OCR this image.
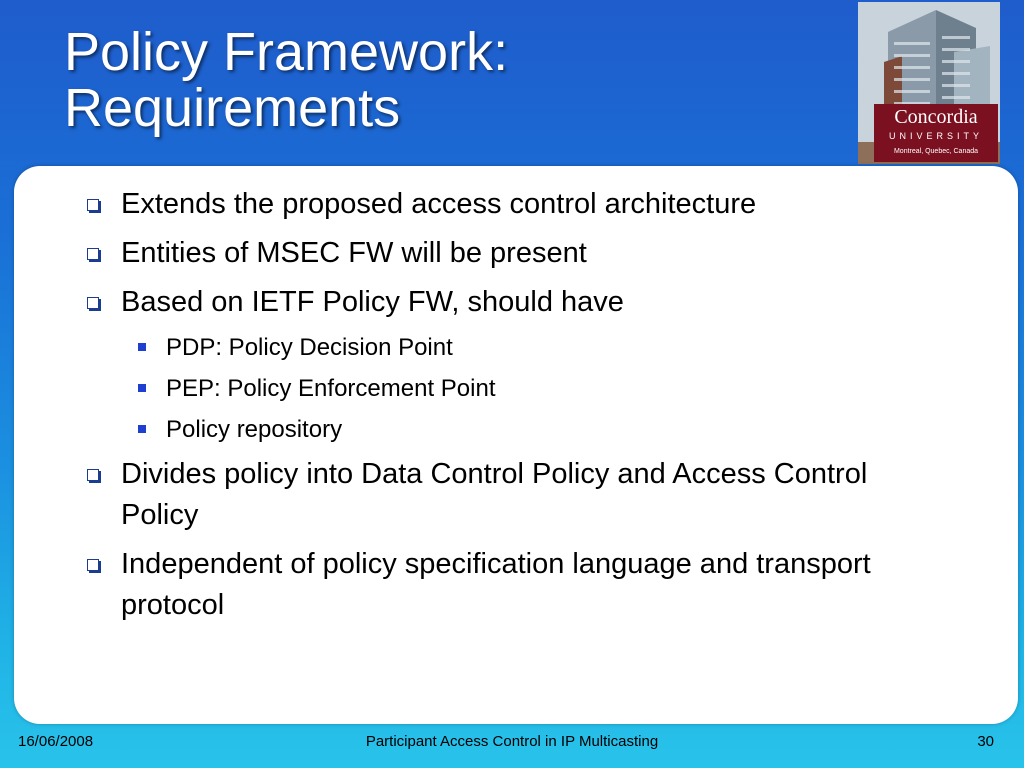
Policy Framework:
Requirements	Concordia
UNIVERSITY
Montreal, Quebec, Canada
Extends the proposed access control architecture
Entities of MSEC FW will be present
Based on IETF Policy FW, should have
PDP: Policy Decision Point
PEP: Policy Enforcement Point
Policy repository
Divides policy into Data Control Policy and Access Control Policy
Independent of policy specification language and transport protocol
16/06/2008	Participant Access Control in IP Multicasting	30
